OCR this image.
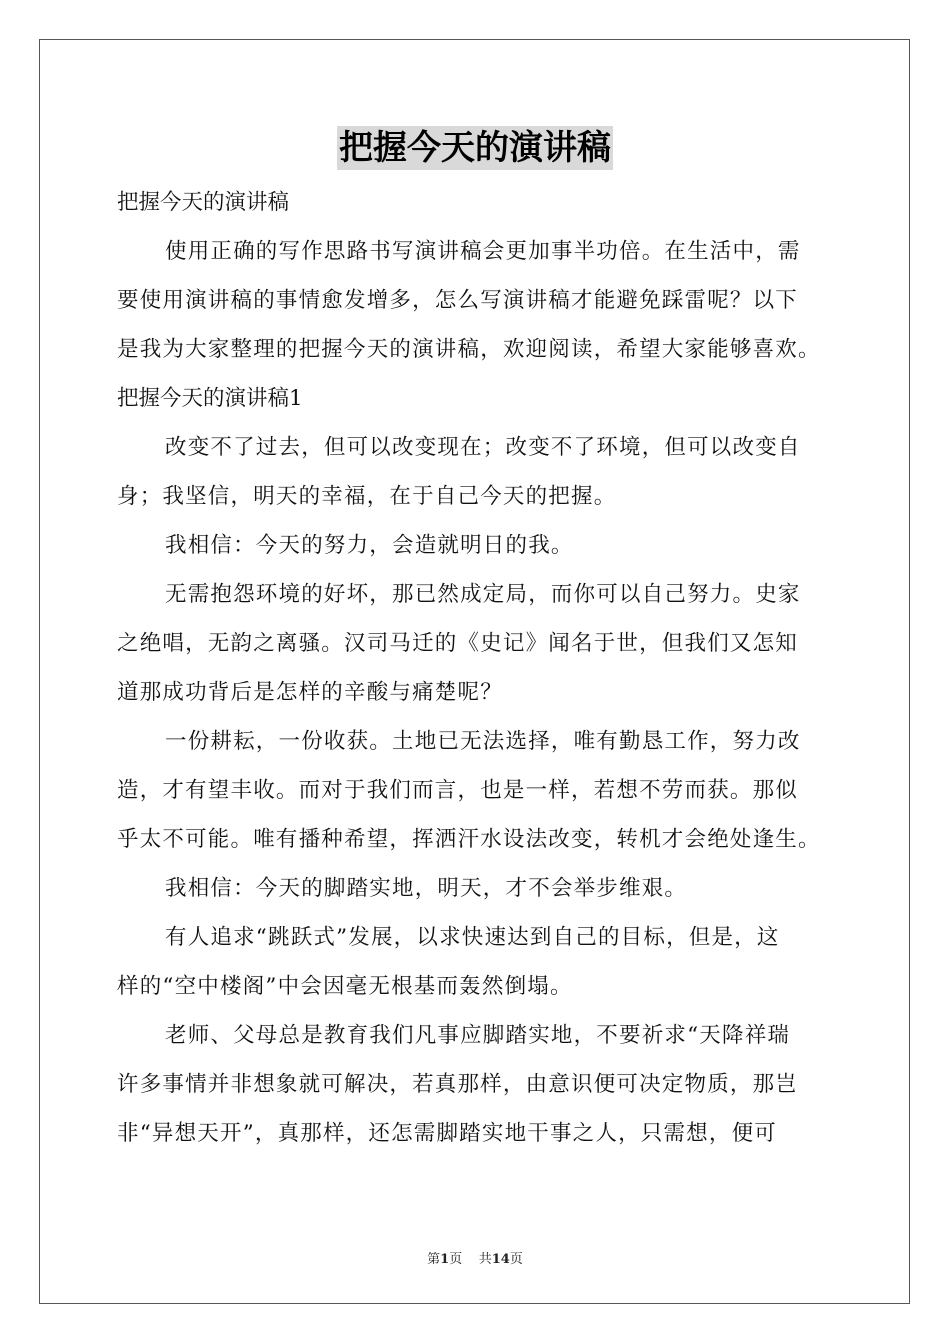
把握今天的演讲稿
把握今天的演讲稿
使用正确的写作思路书写演讲稿会更加事半功倍。在生活中，需
要使用演讲稿的事情愈发增多，怎么写演讲稿才能避免踩雷呢？以下
是我为大家整理的把握今天的演讲稿，欢迎阅读，希望大家能够喜欢。
把握今天的演讲稿1
改变不了过去，但可以改变现在；改变不了环境，但可以改变自
身；我坚信，明天的幸福，在于自己今天的把握。
我相信：今天的努力，会造就明日的我。
无需抱怨环境的好坏，那已然成定局，而你可以自己努力。史家
之绝唱，无韵之离骚。汉司马迁的《史记》闻名于世，但我们又怎知
道那成功背后是怎样的辛酸与痛楚呢？
一份耕耘，一份收获。土地已无法选择，唯有勤恳工作，努力改
造，才有望丰收。而对于我们而言，也是一样，若想不劳而获。那似
乎太不可能。唯有播种希望，挥洒汗水设法改变，转机才会绝处逢生。
我相信：今天的脚踏实地，明天，才不会举步维艰。
有人追求“跳跃式”发展，以求快速达到自己的目标，但是，这
样的“空中楼阁”中会因毫无根基而轰然倒塌。
老师、父母总是教育我们凡事应脚踏实地，不要祈求“天降祥瑞
许多事情并非想象就可解决，若真那样，由意识便可决定物质，那岂
非“异想天开”，真那样，还怎需脚踏实地干事之人，只需想，便可
第1页 共14页
